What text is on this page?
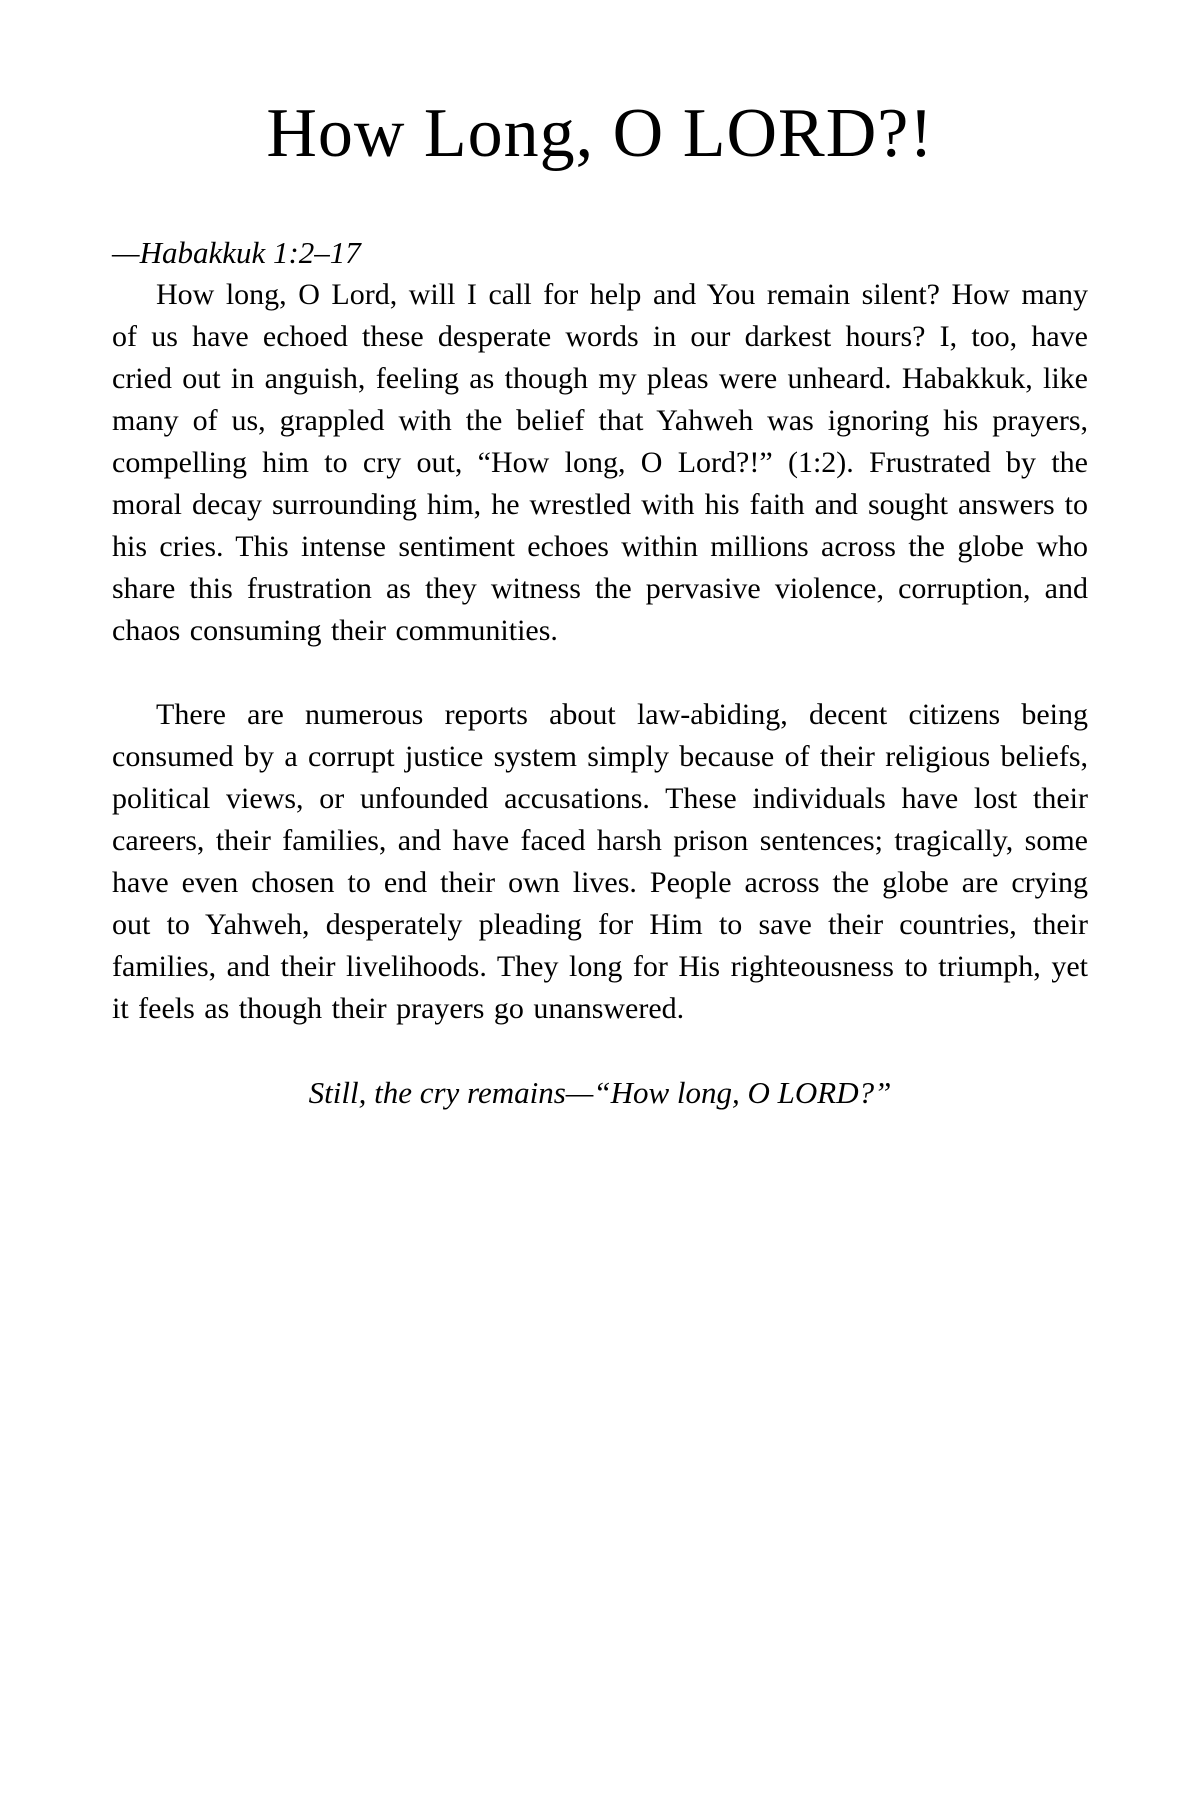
How Long, O LORD?!

—Habakkuk 1:2–17

How long, O Lord, will I call for help and You remain silent? How many of us have echoed these desperate words in our darkest hours? I, too, have cried out in anguish, feeling as though my pleas were unheard. Habakkuk, like many of us, grappled with the belief that Yahweh was ignoring his prayers, compelling him to cry out, “How long, O Lord?!” (1:2). Frustrated by the moral decay surrounding him, he wrestled with his faith and sought answers to his cries. This intense sentiment echoes within millions across the globe who share this frustration as they witness the pervasive violence, corruption, and chaos consuming their communities.

There are numerous reports about law-abiding, decent citizens being consumed by a corrupt justice system simply because of their religious beliefs, political views, or unfounded accusations. These individuals have lost their careers, their families, and have faced harsh prison sentences; tragically, some have even chosen to end their own lives. People across the globe are crying out to Yahweh, desperately pleading for Him to save their countries, their families, and their livelihoods. They long for His righteousness to triumph, yet it feels as though their prayers go unanswered.

Still, the cry remains—“How long, O LORD?”
